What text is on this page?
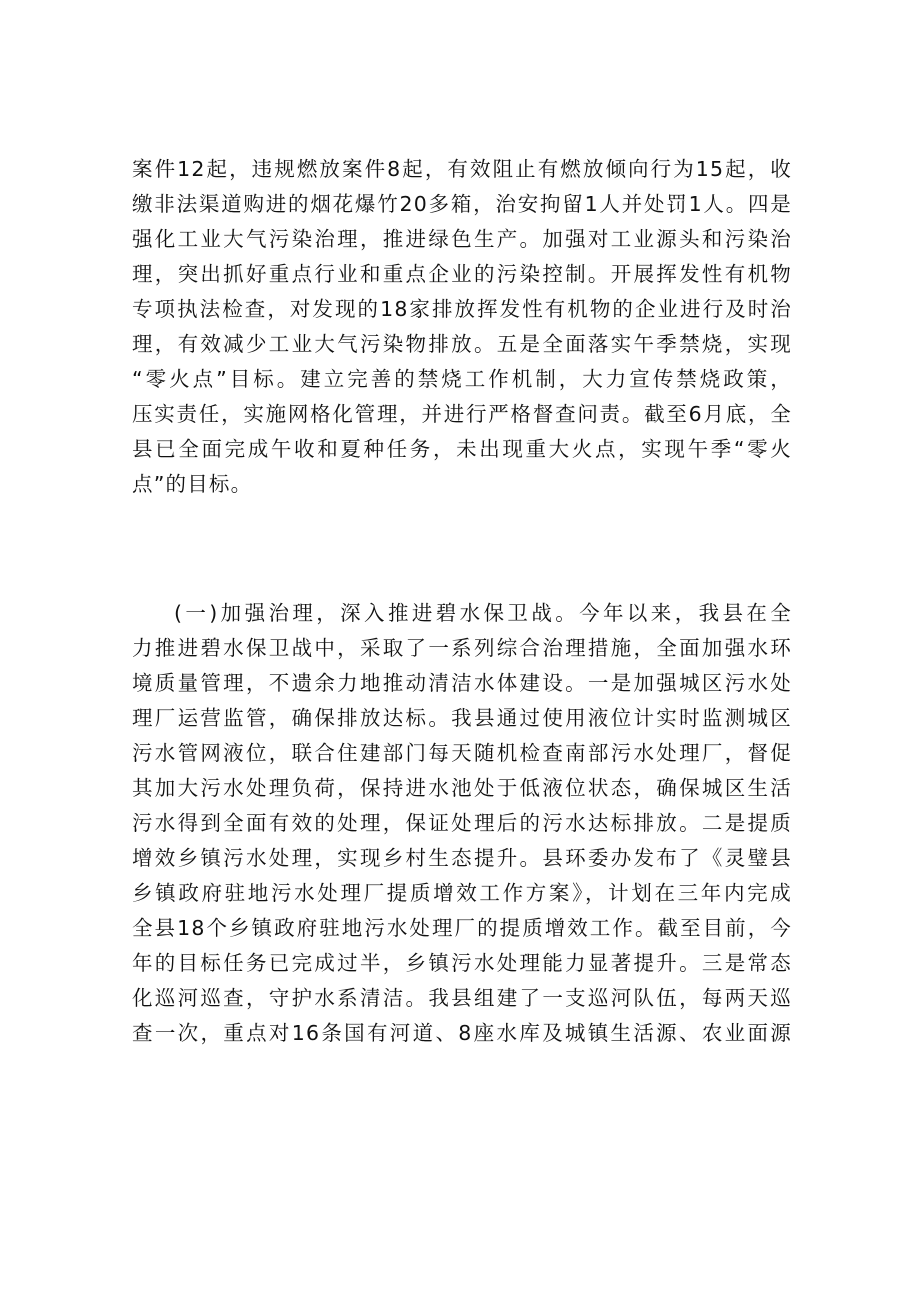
案件12起，违规燃放案件8起，有效阻止有燃放倾向行为15起，收
缴非法渠道购进的烟花爆竹20多箱，治安拘留1人并处罚1人。四是
强化工业大气污染治理，推进绿色生产。加强对工业源头和污染治
理，突出抓好重点行业和重点企业的污染控制。开展挥发性有机物
专项执法检查，对发现的18家排放挥发性有机物的企业进行及时治
理，有效减少工业大气污染物排放。五是全面落实午季禁烧，实现
“零火点”目标。建立完善的禁烧工作机制，大力宣传禁烧政策，
压实责任，实施网格化管理，并进行严格督查问责。截至6月底，全
县已全面完成午收和夏种任务，未出现重大火点，实现午季“零火
点”的目标。
(一)加强治理，深入推进碧水保卫战。今年以来，我县在全
力推进碧水保卫战中，采取了一系列综合治理措施，全面加强水环
境质量管理，不遗余力地推动清洁水体建设。一是加强城区污水处
理厂运营监管，确保排放达标。我县通过使用液位计实时监测城区
污水管网液位，联合住建部门每天随机检查南部污水处理厂，督促
其加大污水处理负荷，保持进水池处于低液位状态，确保城区生活
污水得到全面有效的处理，保证处理后的污水达标排放。二是提质
增效乡镇污水处理，实现乡村生态提升。县环委办发布了《灵璧县
乡镇政府驻地污水处理厂提质增效工作方案》，计划在三年内完成
全县18个乡镇政府驻地污水处理厂的提质增效工作。截至目前，今
年的目标任务已完成过半，乡镇污水处理能力显著提升。三是常态
化巡河巡查，守护水系清洁。我县组建了一支巡河队伍，每两天巡
查一次，重点对16条国有河道、8座水库及城镇生活源、农业面源
